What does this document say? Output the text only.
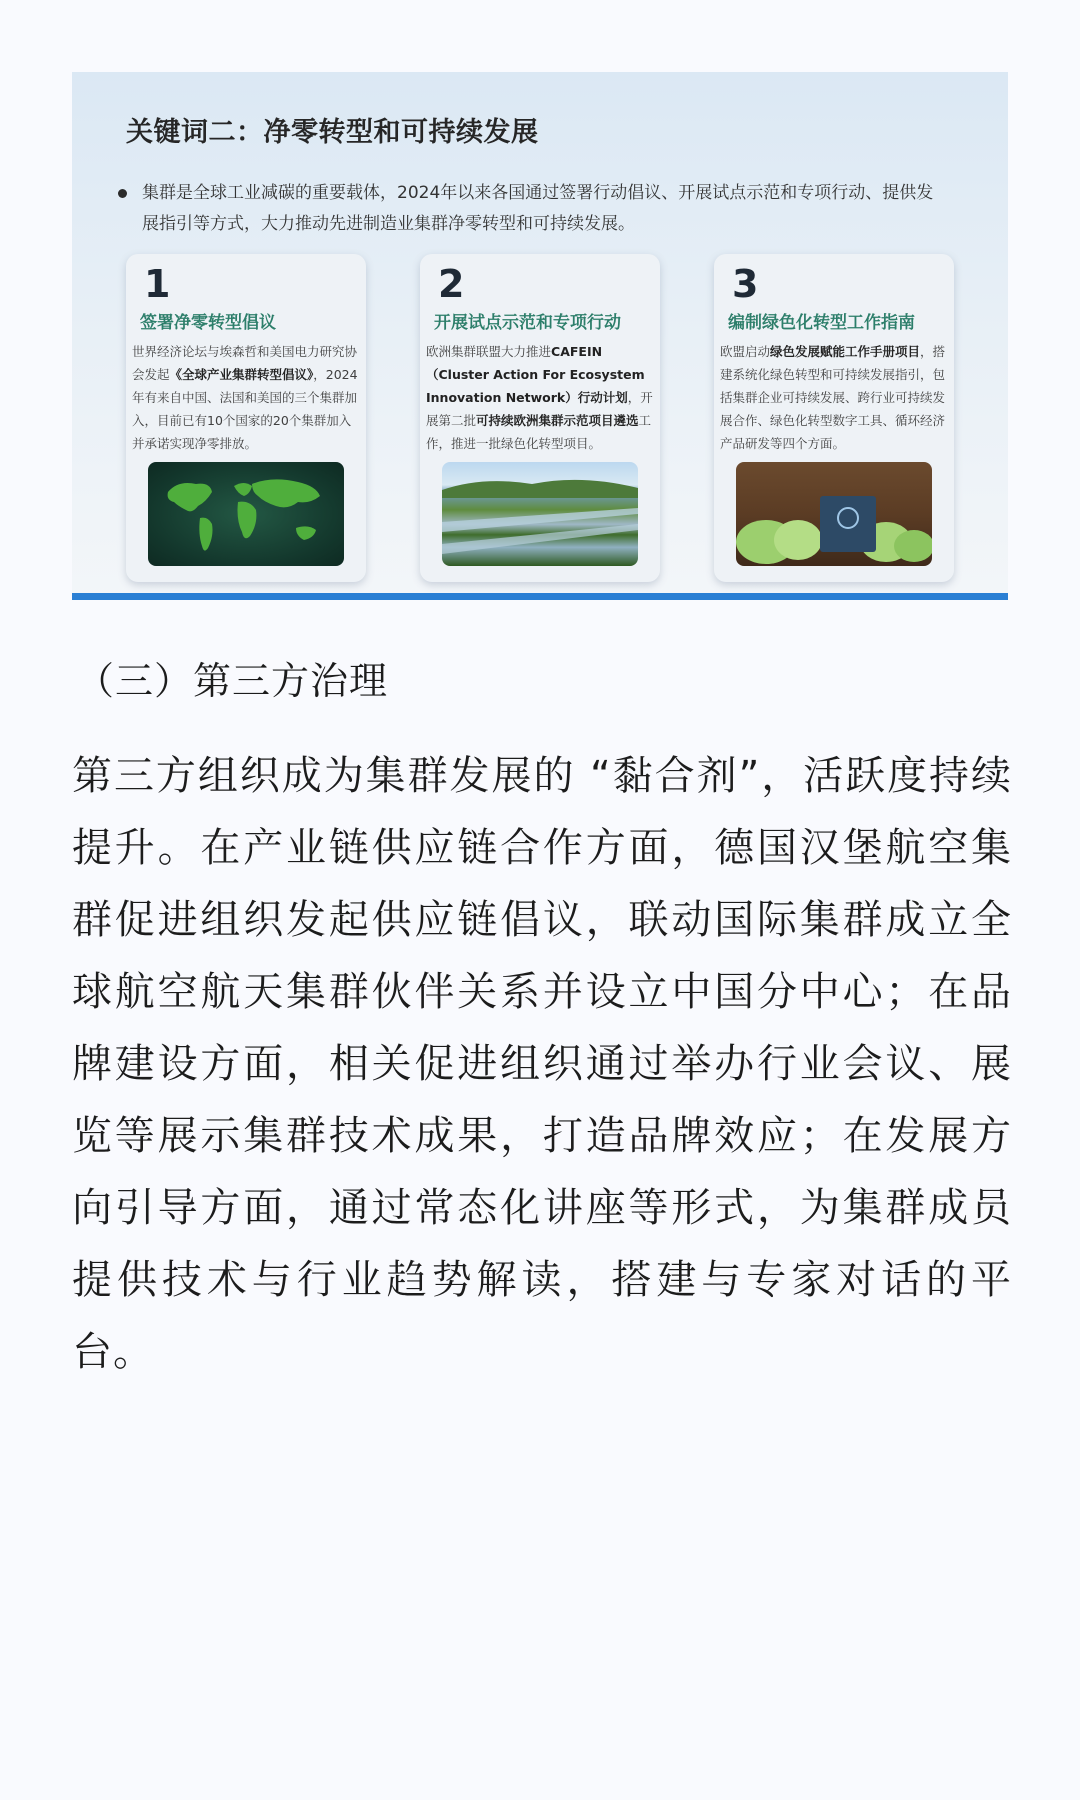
关键词二：净零转型和可持续发展
集群是全球工业减碳的重要载体，2024年以来各国通过签署行动倡议、开展试点示范和专项行动、提供发展指引等方式，大力推动先进制造业集群净零转型和可持续发展。
1
签署净零转型倡议
世界经济论坛与埃森哲和美国电力研究协会发起《全球产业集群转型倡议》，2024年有来自中国、法国和美国的三个集群加入，目前已有10个国家的20个集群加入并承诺实现净零排放。
2
开展试点示范和专项行动
欧洲集群联盟大力推进CAFEIN（Cluster Action For Ecosystem Innovation Network）行动计划，开展第二批可持续欧洲集群示范项目遴选工作，推进一批绿色化转型项目。
3
编制绿色化转型工作指南
欧盟启动绿色发展赋能工作手册项目，搭建系统化绿色转型和可持续发展指引，包括集群企业可持续发展、跨行业可持续发展合作、绿色化转型数字工具、循环经济产品研发等四个方面。
（三）第三方治理
第三方组织成为集群发展的 “黏合剂”，活跃度持续提升。在产业链供应链合作方面，德国汉堡航空集群促进组织发起供应链倡议，联动国际集群成立全球航空航天集群伙伴关系并设立中国分中心；在品牌建设方面，相关促进组织通过举办行业会议、展览等展示集群技术成果，打造品牌效应；在发展方向引导方面，通过常态化讲座等形式，为集群成员提供技术与行业趋势解读，搭建与专家对话的平台。
